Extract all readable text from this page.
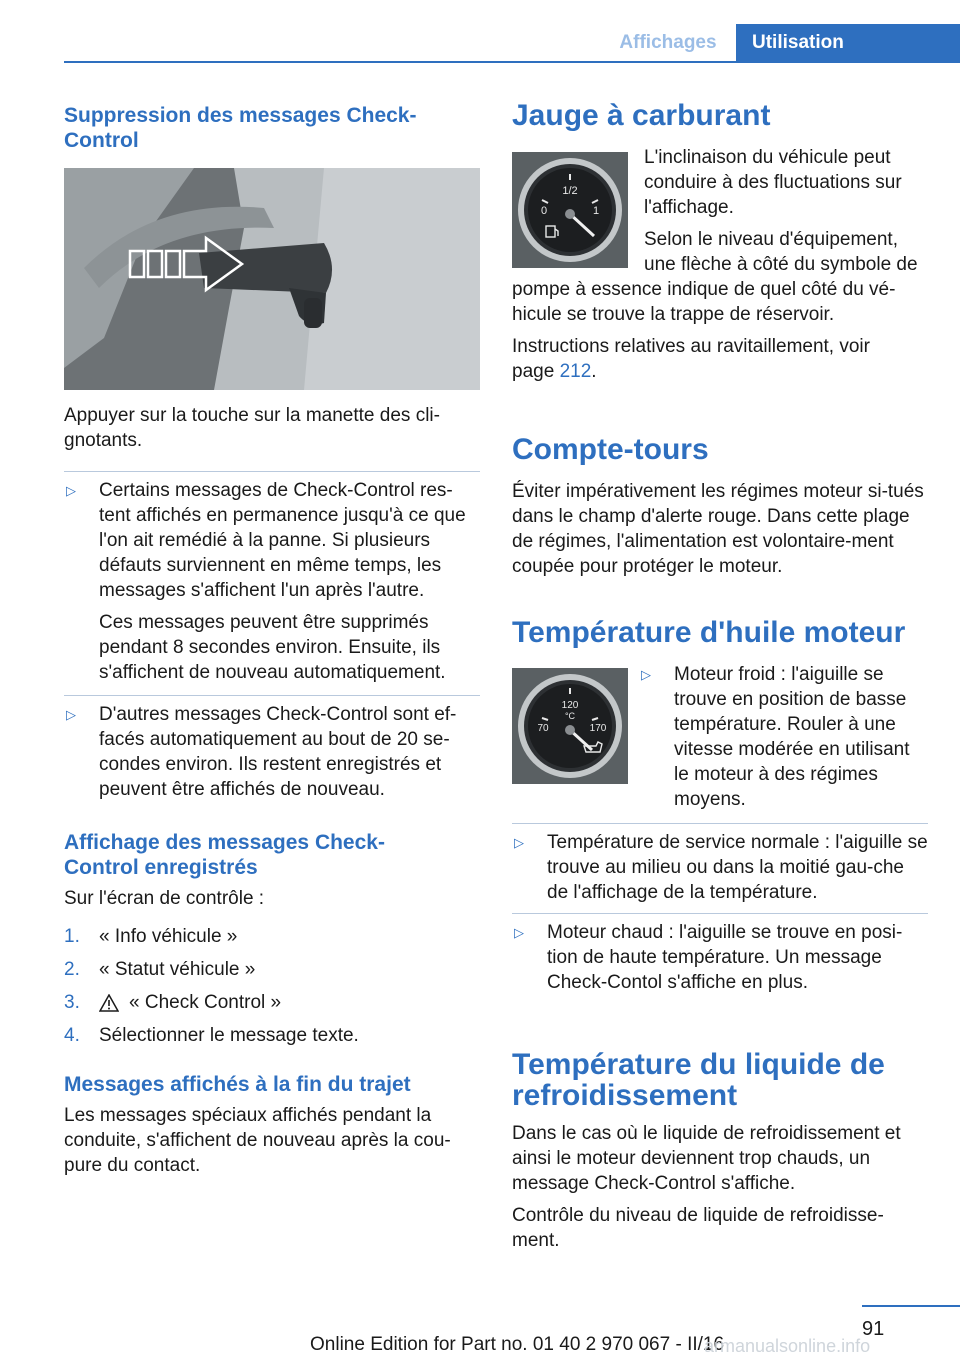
Affichages	Utilisation
Suppression des messages Check-Control
Appuyer sur la touche sur la manette des cli-gnotants.
▷	Certains messages de Check-Control res-tent affichés en permanence jusqu'à ce que l'on ait remédié à la panne. Si plusieurs défauts surviennent en même temps, les messages s'affichent l'un après l'autre.
Ces messages peuvent être supprimés pendant 8 secondes environ. Ensuite, ils s'affichent de nouveau automatiquement.
▷	D'autres messages Check-Control sont ef-facés automatiquement au bout de 20 se-condes environ. Ils restent enregistrés et peuvent être affichés de nouveau.
Affichage des messages Check-Control enregistrés
Sur l'écran de contrôle :
1.	« Info véhicule »
2.	« Statut véhicule »
3.	« Check Control »
4.	Sélectionner le message texte.
Messages affichés à la fin du trajet
Les messages spéciaux affichés pendant la conduite, s'affichent de nouveau après la cou-pure du contact.
Jauge à carburant
1/2
0	1
L'inclinaison du véhicule peut conduire à des fluctuations sur l'affichage.
Selon le niveau d'équipement, une flèche à côté du symbole de
pompe à essence indique de quel côté du vé-hicule se trouve la trappe de réservoir.
Instructions relatives au ravitaillement, voir page 212.
Compte-tours
Éviter impérativement les régimes moteur si-tués dans le champ d'alerte rouge. Dans cette plage de régimes, l'alimentation est volontaire-ment coupée pour protéger le moteur.
Température d'huile moteur
120
°C
70	170
▷	Moteur froid : l'aiguille se trouve en position de basse température. Rouler à une vitesse modérée en utilisant le moteur à des régimes moyens.
▷	Température de service normale : l'aiguille se trouve au milieu ou dans la moitié gau-che de l'affichage de la température.
▷	Moteur chaud : l'aiguille se trouve en posi-tion de haute température. Un message Check-Contol s'affiche en plus.
Température du liquide de refroidissement
Dans le cas où le liquide de refroidissement et ainsi le moteur deviennent trop chauds, un message Check-Control s'affiche.
Contrôle du niveau de liquide de refroidisse-ment.
91
Online Edition for Part no. 01 40 2 970 067 - II/16
armanualsonline.info
